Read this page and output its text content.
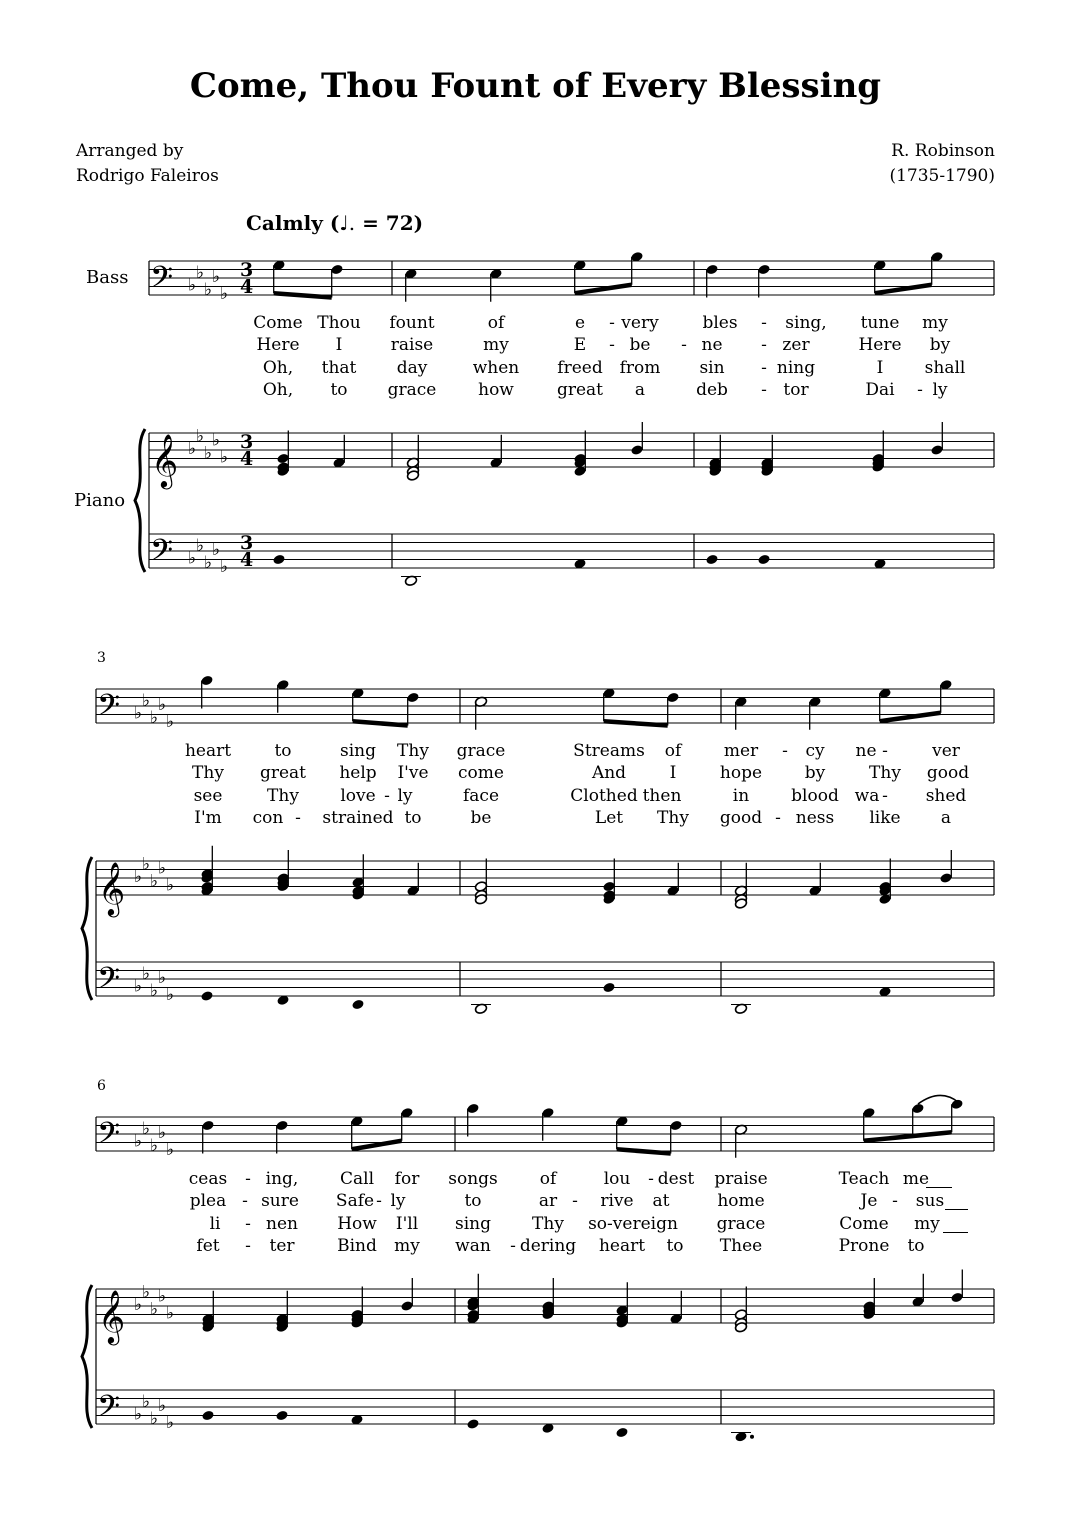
Come, Thou Fount of Every Blessing
Arranged by
Rodrigo Faleiros
R. Robinson
(1735-1790)
Calmly (♩. = 72)
Bass
Piano
3
6
Come Thou fount	of	e - very	bles - sing, tune my
Here I	raise	my	E - be - ne - zer	Here by
Oh, that day	when freed from sin - ning	I shall
Oh, to grace how	great a	deb - tor	Dai - ly
heart	to	sing Thy grace	Streams of	mer - cy ne -	ver
Thy great help I've come	And	I	hope	by	Thy good
see	Thy love - ly	face	Clothed then	in blood wa - shed
I'm con - strained to	be	Let Thy good - ness like a
ceas - ing, Call for songs of	lou - dest praise	Teach me
plea - sure Safe - ly	to	ar - rive at	home	Je - sus
li - nen How I'll sing Thy so-vereign grace	Come my
fet - ter	Bind my wan - dering heart to Thee	Prone to
𝄢
𝄞
𝄢
♭
♭
♭
♭
♭
♭
♭
♭
♭
♭
♭
♭
♭
♭
♭
3
4
3
4
3
4
𝄢
𝄞
𝄢
♭
♭
♭
♭
♭
♭
♭
♭
♭
♭
♭
♭
♭
♭
♭
𝄢
𝄞
𝄢
♭
♭
♭
♭
♭
♭
♭
♭
♭
♭
♭
♭
♭
♭
♭
